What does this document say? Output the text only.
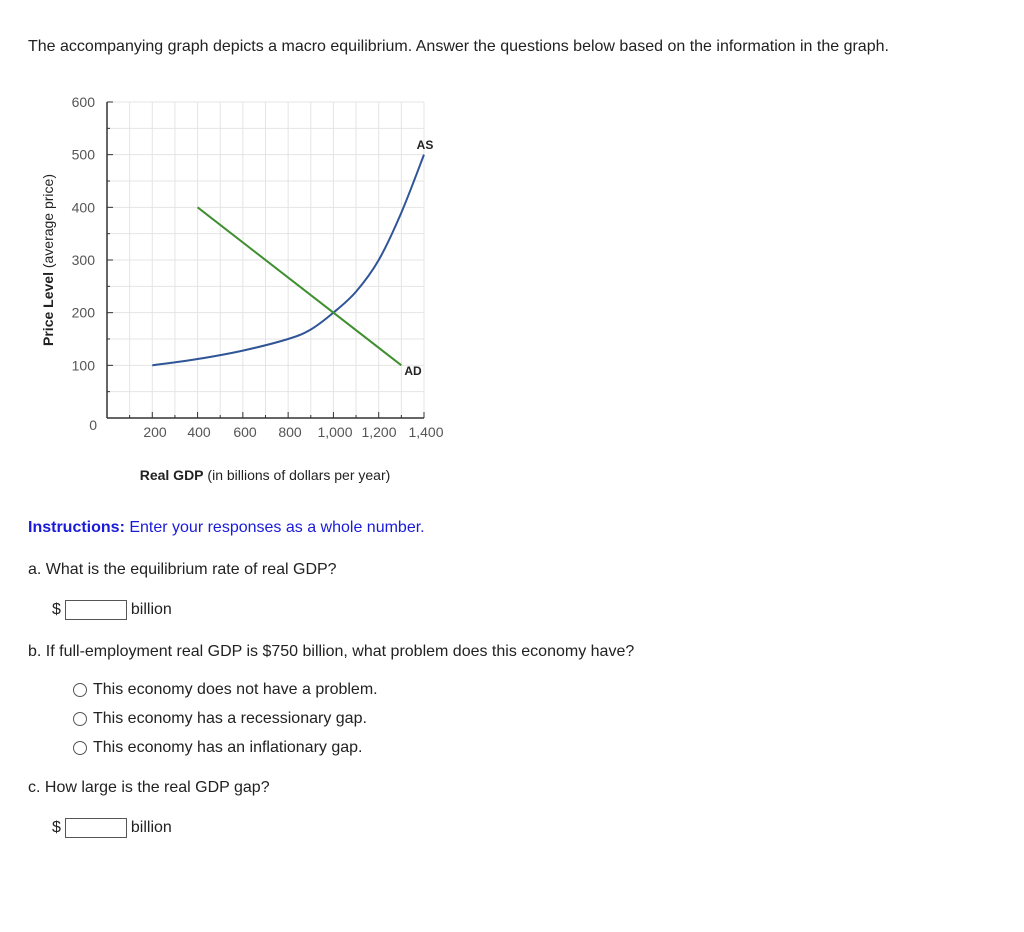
The accompanying graph depicts a macro equilibrium. Answer the questions below based on the information in the graph.
100
200
300
400
500
600
200 400 600 800 1,000 1,200 1,400
0
Real GDP (in billions of dollars per year)
Price Level (average price)
AS
AD
Instructions: Enter your responses as a whole number.
a. What is the equilibrium rate of real GDP?
$	billion
b. If full-employment real GDP is $750 billion, what problem does this economy have?
This economy does not have a problem.
This economy has a recessionary gap.
This economy has an inflationary gap.
c. How large is the real GDP gap?
$	billion
